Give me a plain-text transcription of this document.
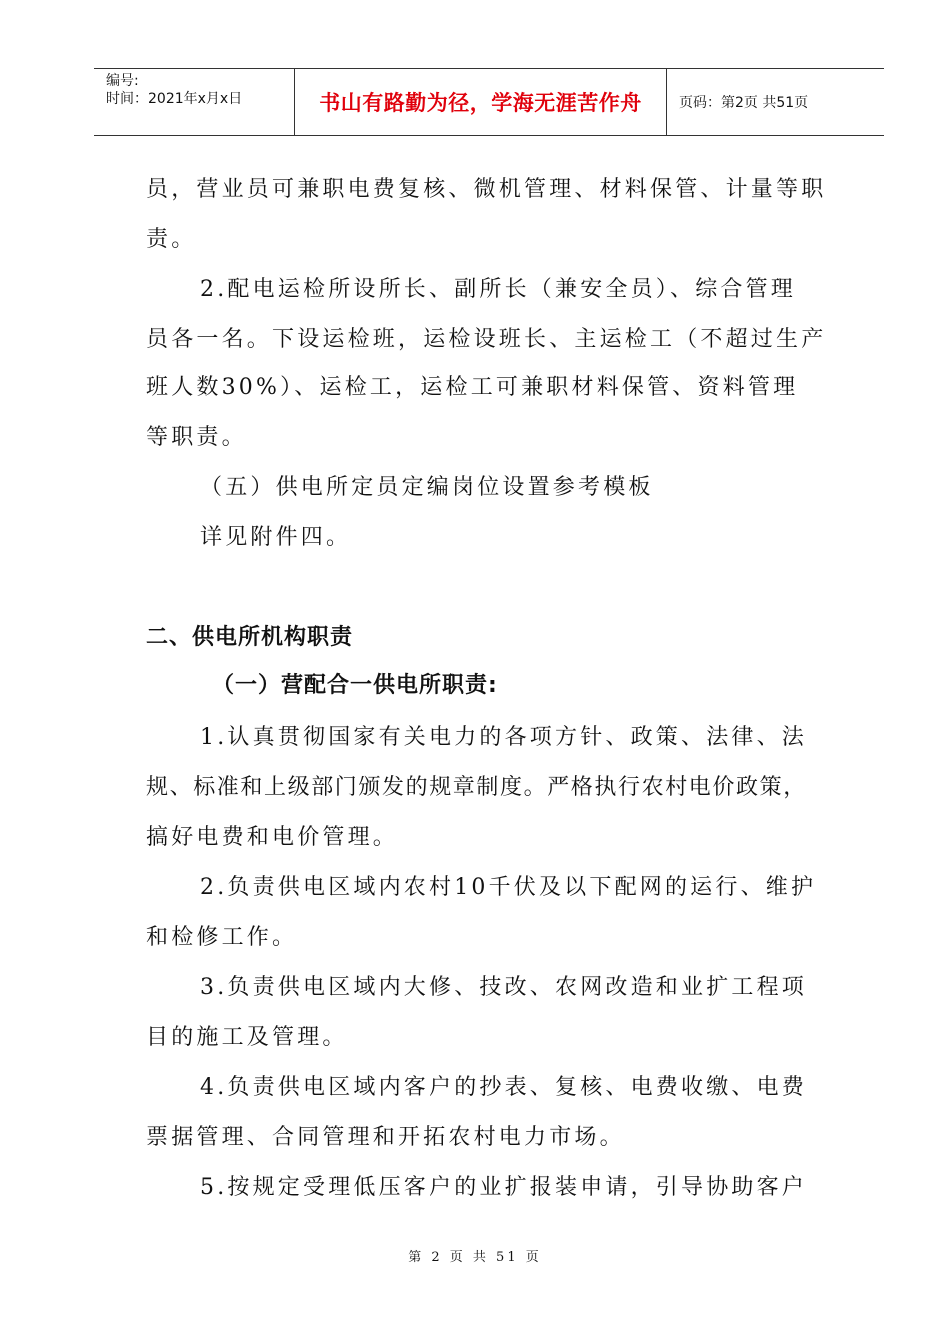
编号:
时间：2021年x月x日	书山有路勤为径，学海无涯苦作舟	页码：第2页 共51页
员，营业员可兼职电费复核、微机管理、材料保管、计量等职
责。
2.配电运检所设所长、副所长（兼安全员）、综合管理
员各一名。下设运检班，运检设班长、主运检工（不超过生产
班人数30%）、运检工，运检工可兼职材料保管、资料管理
等职责。
（五）供电所定员定编岗位设置参考模板
详见附件四。
二、供电所机构职责
（一）营配合一供电所职责:
1.认真贯彻国家有关电力的各项方针、政策、法律、法
规、标准和上级部门颁发的规章制度。严格执行农村电价政策，
搞好电费和电价管理。
2.负责供电区域内农村10千伏及以下配网的运行、维护
和检修工作。
3.负责供电区域内大修、技改、农网改造和业扩工程项
目的施工及管理。
4.负责供电区域内客户的抄表、复核、电费收缴、电费
票据管理、合同管理和开拓农村电力市场。
5.按规定受理低压客户的业扩报装申请，引导协助客户
第 2 页 共 51 页
